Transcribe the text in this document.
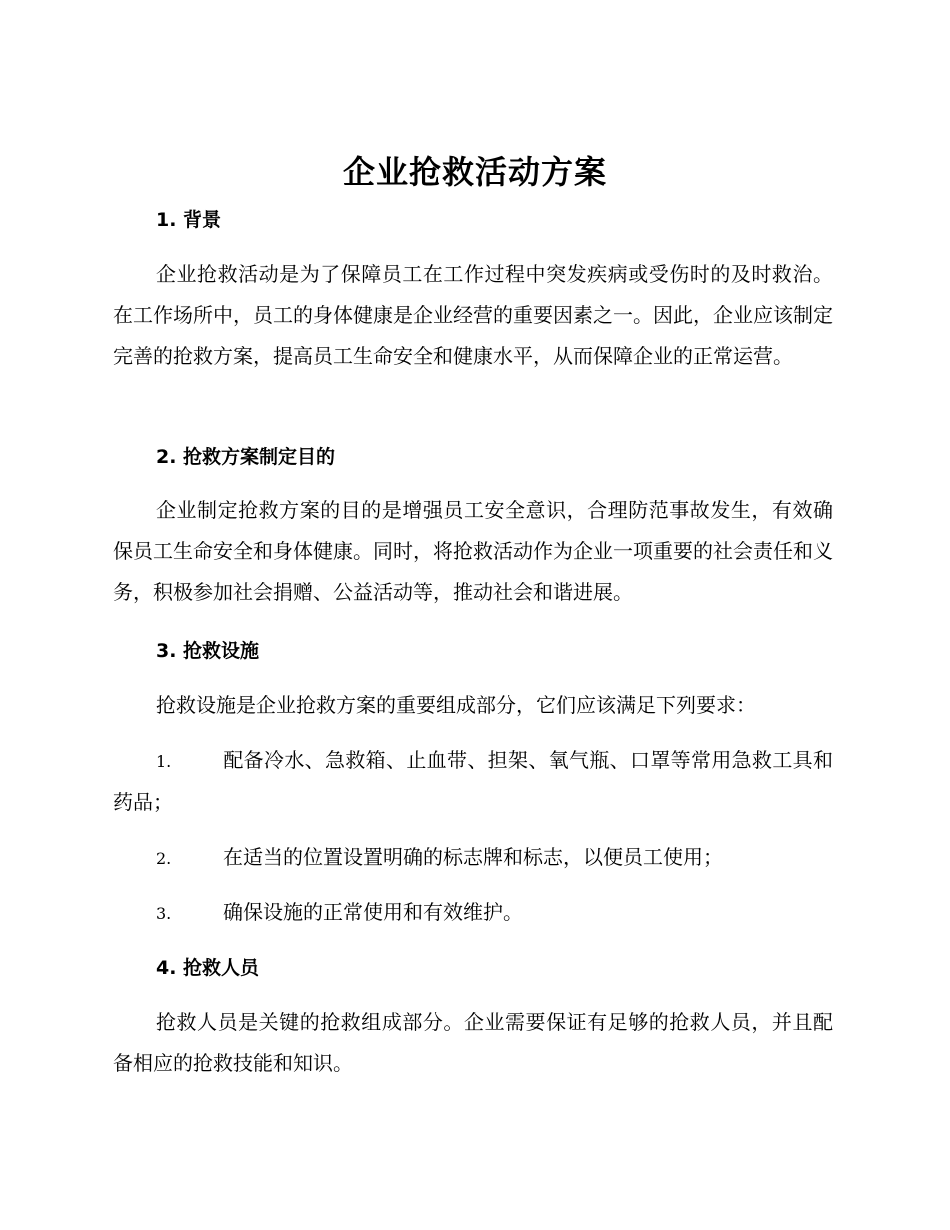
企业抢救活动方案
1. 背景

企业抢救活动是为了保障员工在工作过程中突发疾病或受伤时的及时救治。在工作场所中，员工的身体健康是企业经营的重要因素之一。因此，企业应该制定完善的抢救方案，提高员工生命安全和健康水平，从而保障企业的正常运营。

2. 抢救方案制定目的

企业制定抢救方案的目的是增强员工安全意识，合理防范事故发生，有效确保员工生命安全和身体健康。同时，将抢救活动作为企业一项重要的社会责任和义务，积极参加社会捐赠、公益活动等，推动社会和谐进展。

3. 抢救设施

抢救设施是企业抢救方案的重要组成部分，它们应该满足下列要求：

1.	配备冷水、急救箱、止血带、担架、氧气瓶、口罩等常用急救工具和药品；
2.	在适当的位置设置明确的标志牌和标志，以便员工使用；
3.	确保设施的正常使用和有效维护。
4. 抢救人员

抢救人员是关键的抢救组成部分。企业需要保证有足够的抢救人员，并且配备相应的抢救技能和知识。
